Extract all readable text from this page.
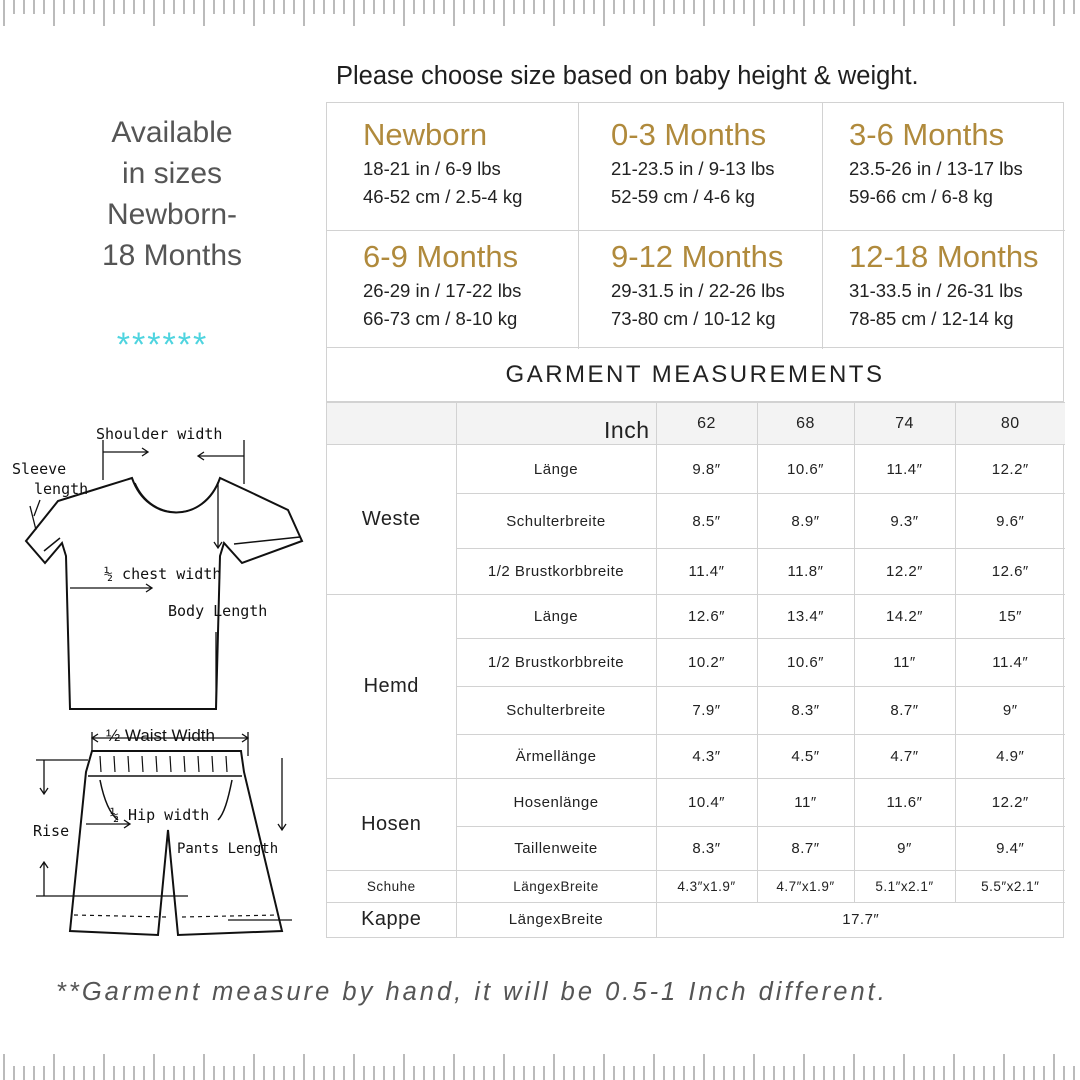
Please choose size based on baby height & weight.
Available
in sizes
Newborn-
18 Months
******
Newborn
18-21 in / 6-9 lbs
46-52 cm / 2.5-4 kg
0-3 Months
21-23.5 in / 9-13 lbs
52-59 cm / 4-6 kg
3-6 Months
23.5-26 in / 13-17 lbs
59-66 cm / 6-8 kg
6-9 Months
26-29 in / 17-22 lbs
66-73 cm / 8-10 kg
9-12 Months
29-31.5 in / 22-26 lbs
73-80 cm / 10-12 kg
12-18 Months
31-33.5 in / 26-31 lbs
78-85 cm / 12-14 kg
GARMENT MEASUREMENTS
	Inch	62	68	74	80
Weste	Länge	9.8″	10.6″	11.4″	12.2″
	Schulterbreite	8.5″	8.9″	9.3″	9.6″
	1/2 Brustkorbbreite	11.4″	11.8″	12.2″	12.6″
Hemd	Länge	12.6″	13.4″	14.2″	15″
	1/2 Brustkorbbreite	10.2″	10.6″	11″	11.4″
	Schulterbreite	7.9″	8.3″	8.7″	9″
	Ärmellänge	4.3″	4.5″	4.7″	4.9″
Hosen	Hosenlänge	10.4″	11″	11.6″	12.2″
	Taillenweite	8.3″	8.7″	9″	9.4″
Schuhe	LängexBreite	4.3″x1.9″	4.7″x1.9″	5.1″x2.1″	5.5″x2.1″
Kappe	LängexBreite	17.7″			
Shoulder width
Sleeve
length
½ chest width
Body Length
½ Waist Width
½ Hip width
Rise
Pants Length
**Garment measure by hand, it will be 0.5-1 Inch different.
